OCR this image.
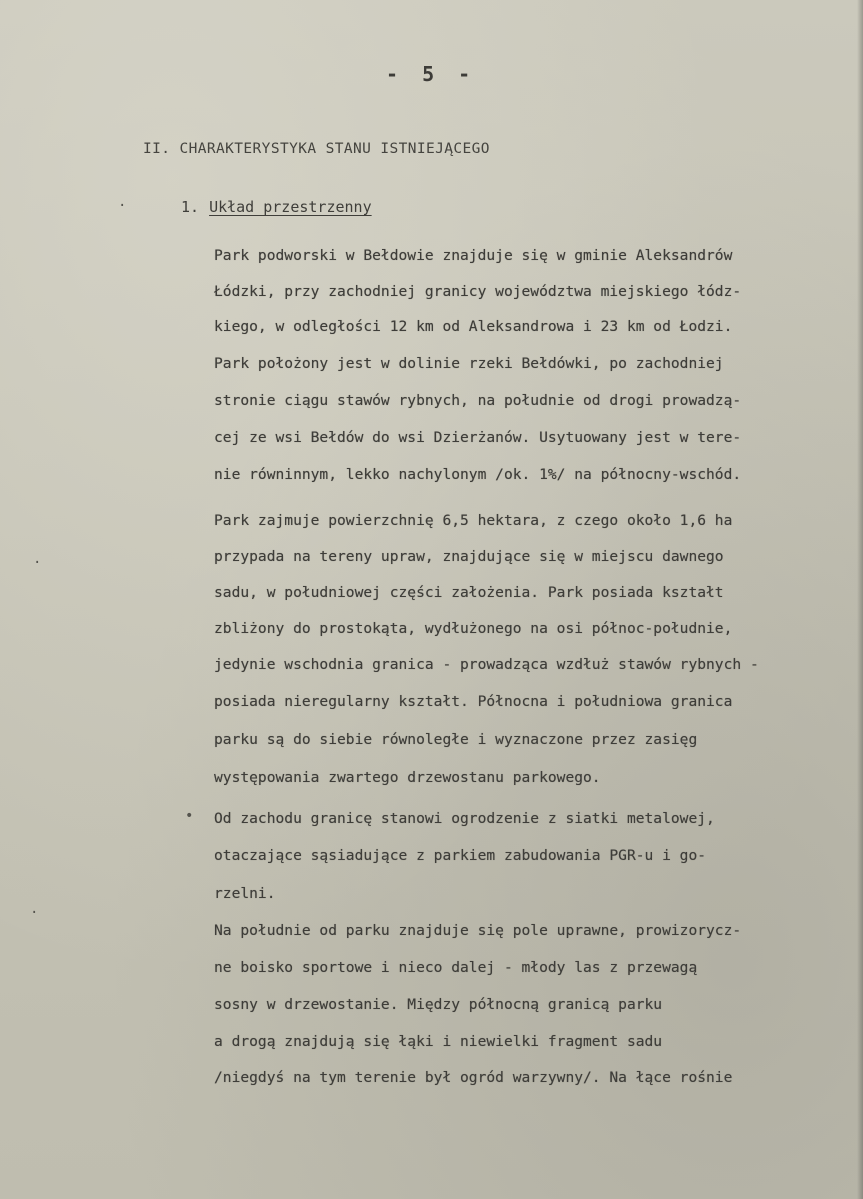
- 5 -
II. CHARAKTERYSTYKA STANU ISTNIEJĄCEGO
1. Układ przestrzenny
Park podworski w Bełdowie znajduje się w gminie Aleksandrów
Łódzki, przy zachodniej granicy województwa miejskiego łódz-
kiego, w odległości 12 km od Aleksandrowa i 23 km od Łodzi.
Park położony jest w dolinie rzeki Bełdówki, po zachodniej
stronie ciągu stawów rybnych, na południe od drogi prowadzą-
cej ze wsi Bełdów do wsi Dzierżanów. Usytuowany jest w tere-
nie równinnym, lekko nachylonym /ok. 1%/ na północny-wschód.
Park zajmuje powierzchnię 6,5 hektara, z czego około 1,6 ha
przypada na tereny upraw, znajdujące się w miejscu dawnego
sadu, w południowej części założenia. Park posiada kształt
zbliżony do prostokąta, wydłużonego na osi północ-południe,
jedynie wschodnia granica - prowadząca wzdłuż stawów rybnych -
posiada nieregularny kształt. Północna i południowa granica
parku są do siebie równoległe i wyznaczone przez zasięg
występowania zwartego drzewostanu parkowego.
Od zachodu granicę stanowi ogrodzenie z siatki metalowej,
otaczające sąsiadujące z parkiem zabudowania PGR-u i go-
rzelni.
Na południe od parku znajduje się pole uprawne, prowizorycz-
ne boisko sportowe i nieco dalej - młody las z przewagą
sosny w drzewostanie. Między północną granicą parku
a drogą znajdują się łąki i niewielki fragment sadu
/niegdyś na tym terenie był ogród warzywny/. Na łące rośnie
•
·
·
·
